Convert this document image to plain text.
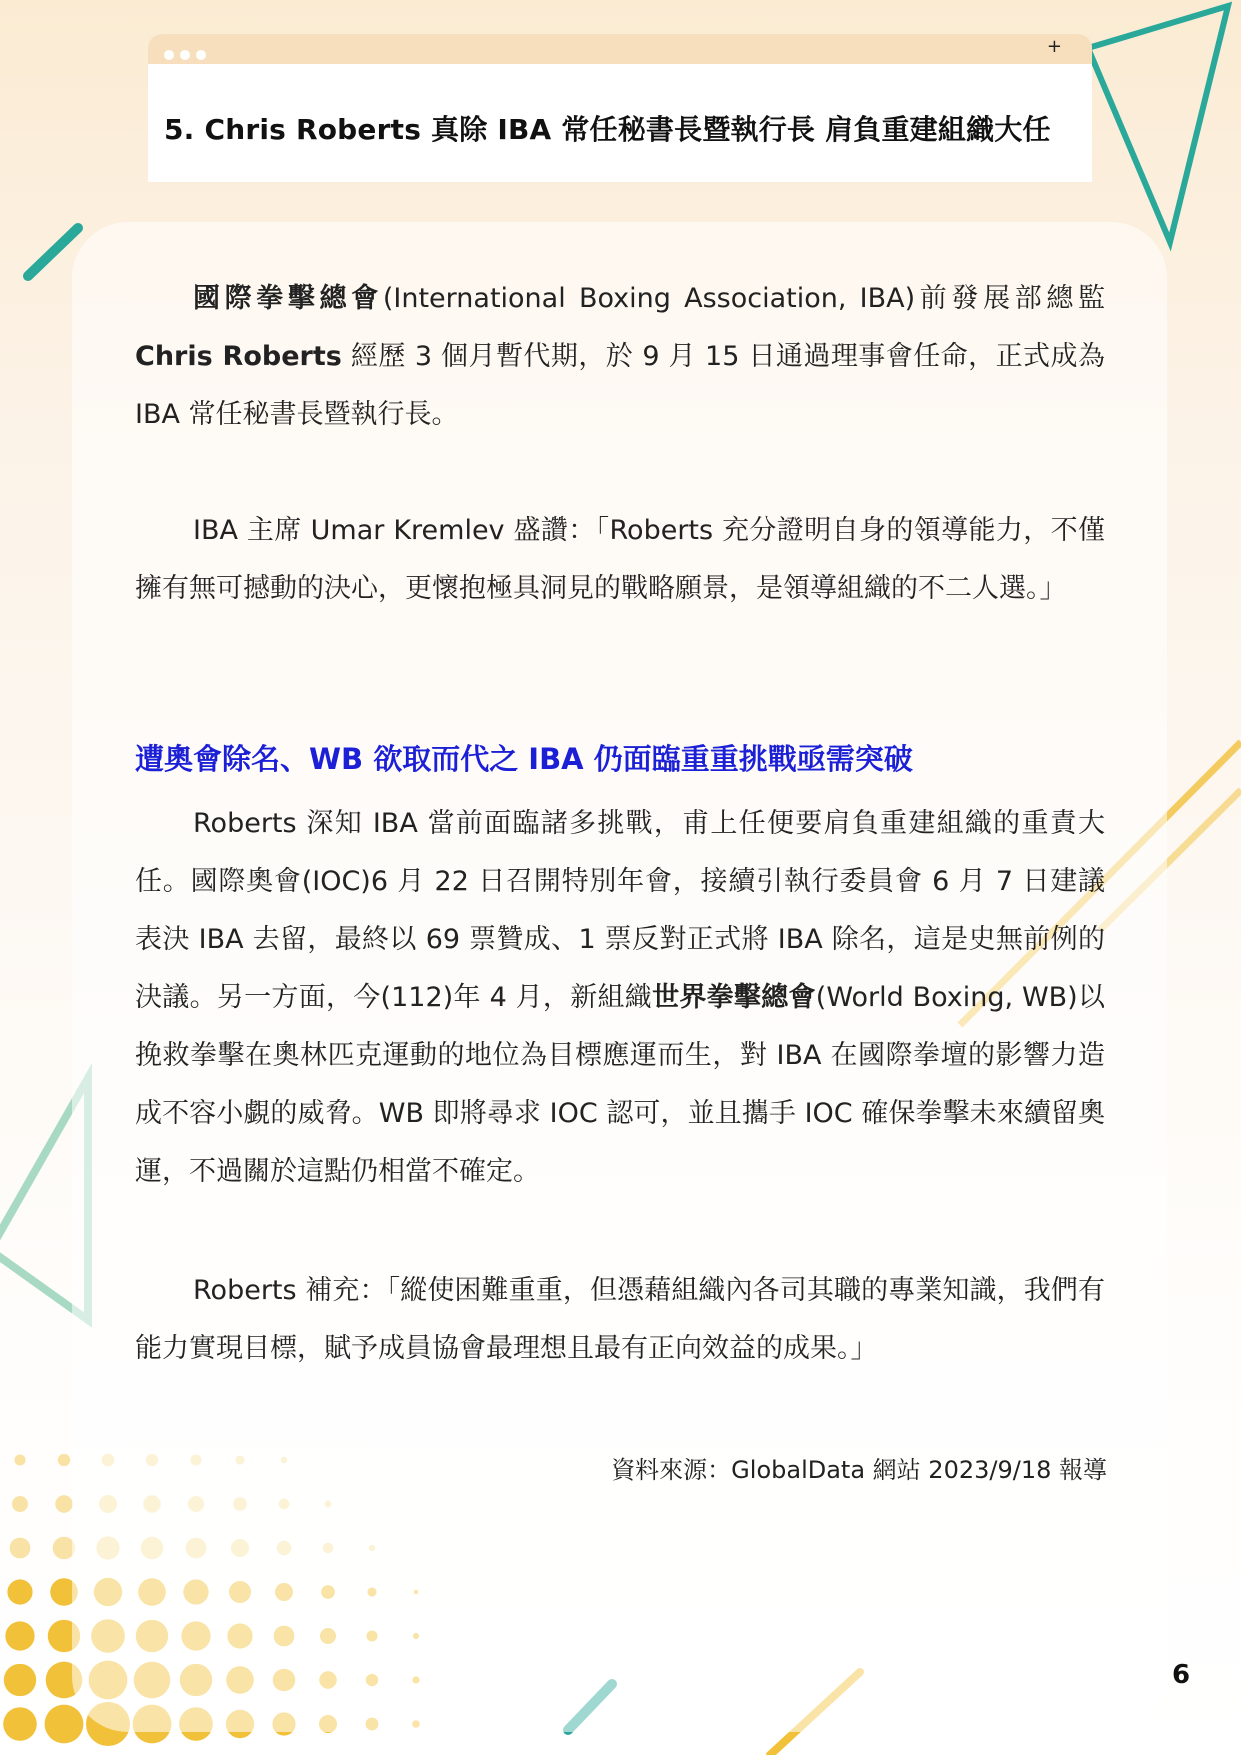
+
5. Chris Roberts 真除 IBA 常任秘書長暨執行長 肩負重建組織大任

國際拳擊總會(International Boxing Association, IBA)前發展部總監Chris Roberts 經歷 3 個月暫代期，於 9 月 15 日通過理事會任命，正式成為 IBA 常任秘書長暨執行長。

IBA 主席 Umar Kremlev 盛讚：「Roberts 充分證明自身的領導能力，不僅擁有無可撼動的決心，更懷抱極具洞見的戰略願景，是領導組織的不二人選。」

遭奧會除名、WB 欲取而代之 IBA 仍面臨重重挑戰亟需突破

Roberts 深知 IBA 當前面臨諸多挑戰，甫上任便要肩負重建組織的重責大任。國際奧會(IOC)6 月 22 日召開特別年會，接續引執行委員會 6 月 7 日建議表決 IBA 去留，最終以 69 票贊成、1 票反對正式將 IBA 除名，這是史無前例的決議。另一方面，今(112)年 4 月，新組織世界拳擊總會(World Boxing, WB)以挽救拳擊在奧林匹克運動的地位為目標應運而生，對 IBA 在國際拳壇的影響力造成不容小覷的威脅。WB 即將尋求 IOC 認可，並且攜手 IOC 確保拳擊未來續留奧運，不過關於這點仍相當不確定。

Roberts 補充：「縱使困難重重，但憑藉組織內各司其職的專業知識，我們有能力實現目標，賦予成員協會最理想且最有正向效益的成果。」

資料來源：GlobalData 網站 2023/9/18 報導
6
